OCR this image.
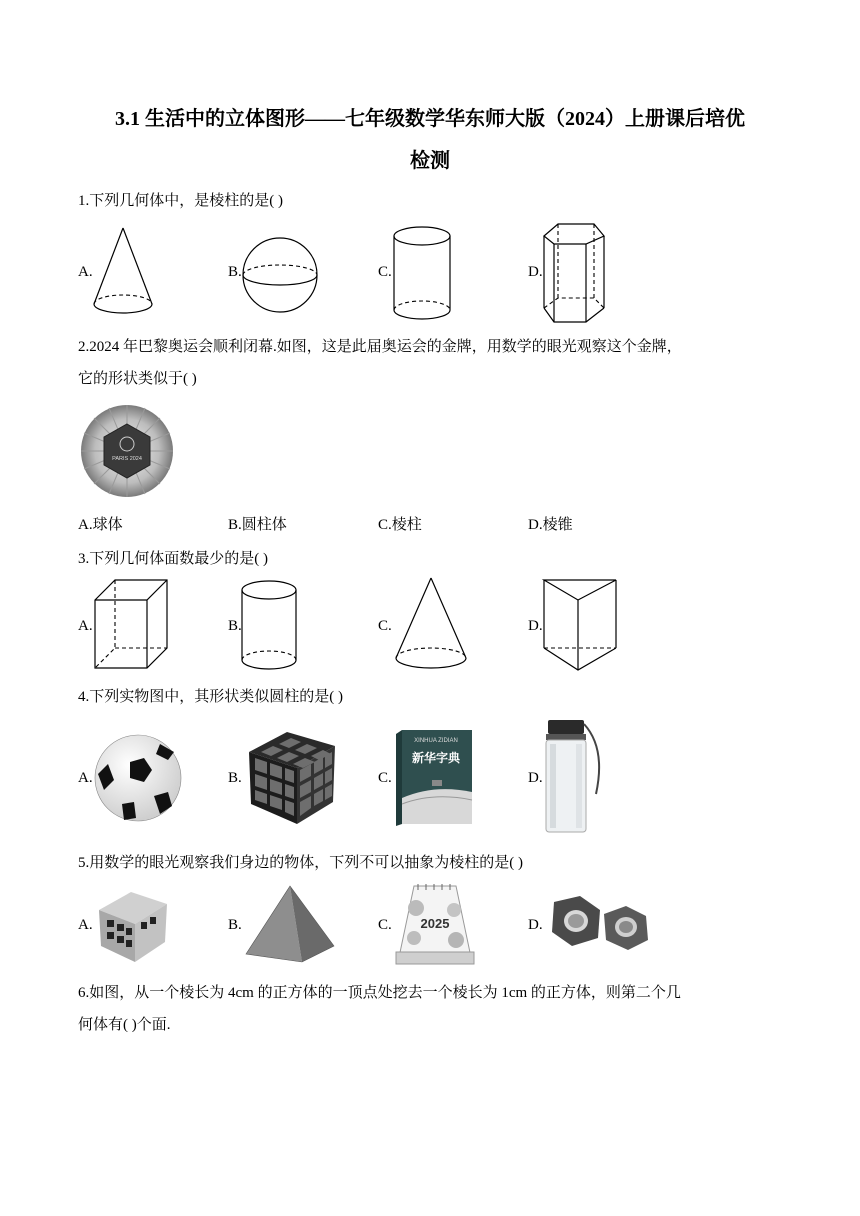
3.1 生活中的立体图形——七年级数学华东师大版（2024）上册课后培优
检测
1.下列几何体中，是棱柱的是( )
A.	B.	C.	D.
2.2024 年巴黎奥运会顺利闭幕.如图，这是此届奥运会的金牌，用数学的眼光观察这个金牌，
它的形状类似于( )
PARIS 2024
A.球体	B.圆柱体	C.棱柱	D.棱锥
3.下列几何体面数最少的是( )
A.	B.	C.	D.
4.下列实物图中，其形状类似圆柱的是( )
A.	B.	C.
XINHUA ZIDIAN
新华字典
D.
5.用数学的眼光观察我们身边的物体，下列不可以抽象为棱柱的是( )
A.	B.	C. 2025	D.
6.如图，从一个棱长为 4cm 的正方体的一顶点处挖去一个棱长为 1cm 的正方体，则第二个几
何体有( )个面.
